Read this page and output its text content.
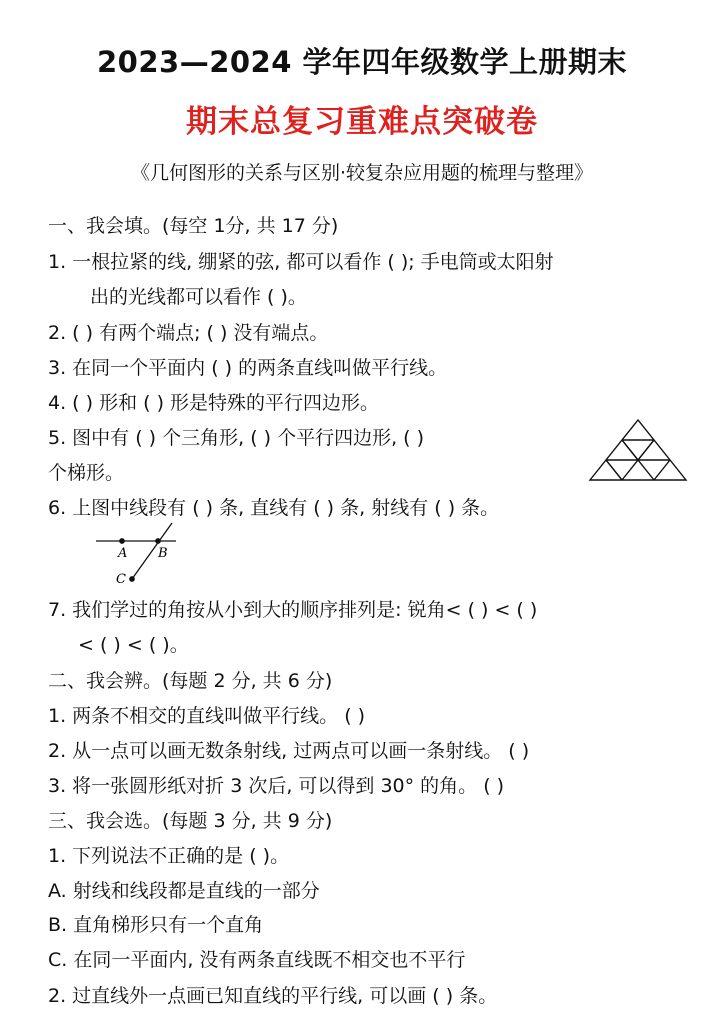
2023—2024 学年四年级数学上册期末
期末总复习重难点突破卷
《几何图形的关系与区别·较复杂应用题的梳理与整理》
一、我会填。(每空 1分, 共 17 分)
1. 一根拉紧的线, 绷紧的弦, 都可以看作 ( ); 手电筒或太阳射
出的光线都可以看作 ( )。
2. ( ) 有两个端点; ( ) 没有端点。
3. 在同一个平面内 ( ) 的两条直线叫做平行线。
4. ( ) 形和 ( ) 形是特殊的平行四边形。
5. 图中有 ( ) 个三角形, ( ) 个平行四边形, ( )
个梯形。
6. 上图中线段有 ( ) 条, 直线有 ( ) 条, 射线有 ( ) 条。
7. 我们学过的角按从小到大的顺序排列是: 锐角< ( ) < ( )
< ( ) < ( )。
二、我会辨。(每题 2 分, 共 6 分)
1. 两条不相交的直线叫做平行线。 ( )
2. 从一点可以画无数条射线, 过两点可以画一条射线。 ( )
3. 将一张圆形纸对折 3 次后, 可以得到 30° 的角。 ( )
三、我会选。(每题 3 分, 共 9 分)
1. 下列说法不正确的是 ( )。
A. 射线和线段都是直线的一部分
B. 直角梯形只有一个直角
C. 在同一平面内, 没有两条直线既不相交也不平行
2. 过直线外一点画已知直线的平行线, 可以画 ( ) 条。
A B
C
